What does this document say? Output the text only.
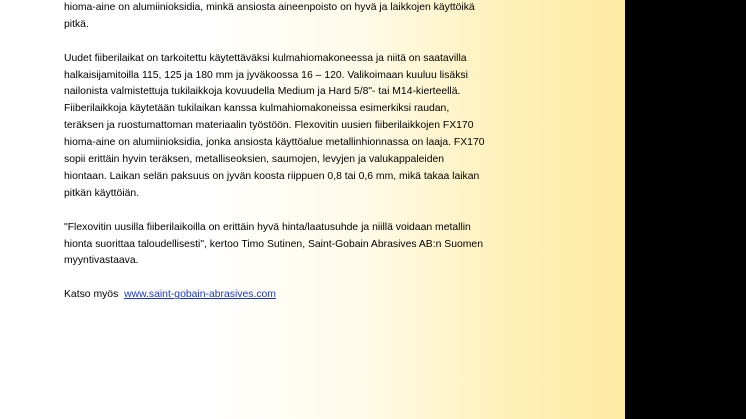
hioma-aine on alumiinioksidia, minkä ansiosta aineenpoisto on hyvä ja laikkojen käyttöikä
pitkä.
Uudet fiiberilaikat on tarkoitettu käytettäväksi kulmahiomakoneessa ja niitä on saatavilla
halkaisijamitoilla 115, 125 ja 180 mm ja jyväkoossa 16 – 120. Valikoimaan kuuluu lisäksi
nailonista valmistettuja tukilaikkoja kovuudella Medium ja Hard 5/8"- tai M14-kierteellä.
Fiiberilaikkoja käytetään tukilaikan kanssa kulmahiomakoneissa esimerkiksi raudan,
teräksen ja ruostumattoman materiaalin työstöön. Flexovitin uusien fiiberilaikkojen FX170
hioma-aine on alumiinioksidia, jonka ansiosta käyttöalue metallinhionnassa on laaja. FX170
sopii erittäin hyvin teräksen, metalliseoksien, saumojen, levyjen ja valukappaleiden
hiontaan. Laikan selän paksuus on jyvän koosta riippuen 0,8 tai 0,6 mm, mikä takaa laikan
pitkän käyttöiän.
"Flexovitin uusilla fiiberilaikoilla on erittäin hyvä hinta/laatusuhde ja niillä voidaan metallin
hionta suorittaa taloudellisesti", kertoo Timo Sutinen, Saint-Gobain Abrasives AB:n Suomen
myyntivastaava.
Katso myös www.saint-gobain-abrasives.com
